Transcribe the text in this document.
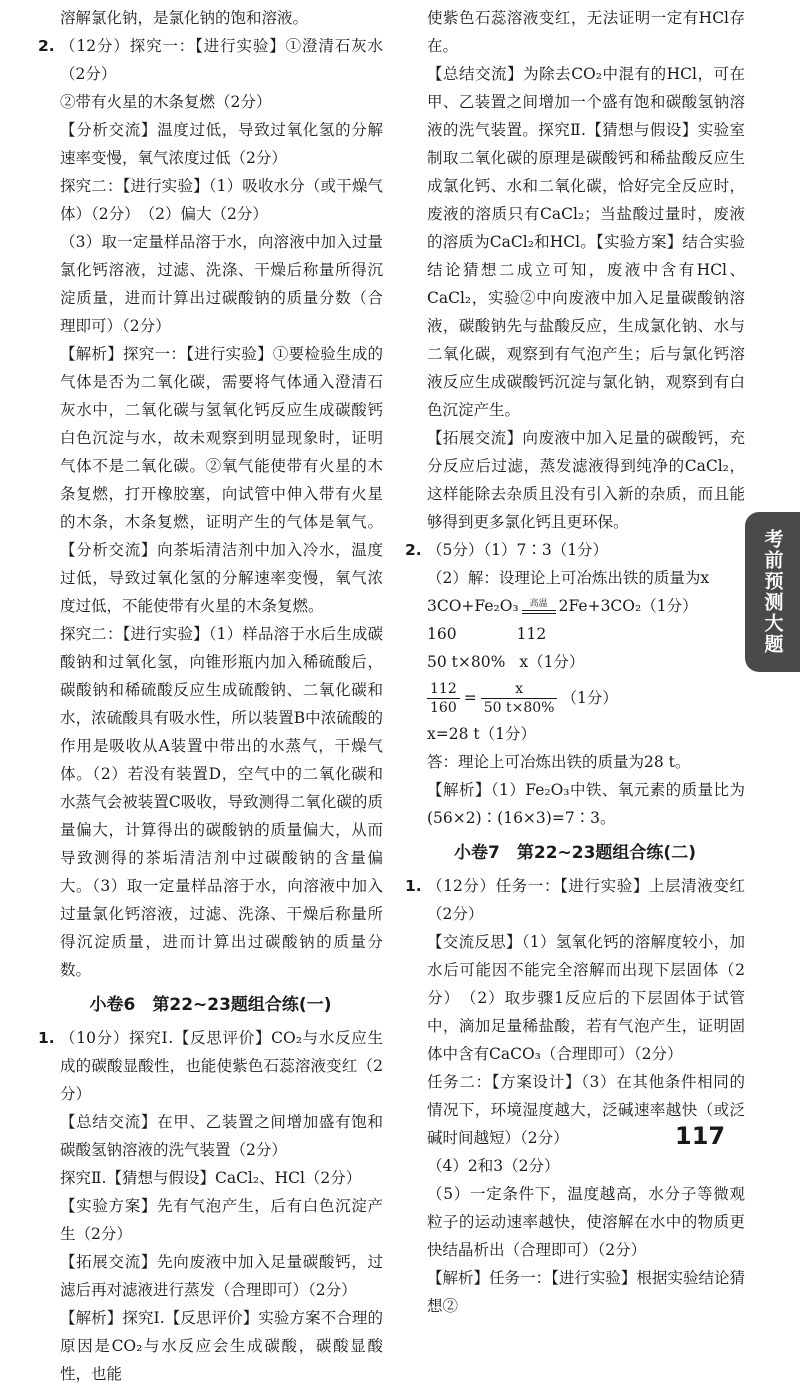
溶解氯化钠，是氯化钠的饱和溶液。

2. （12分）探究一：【进行实验】①澄清石灰水（2分）

②带有火星的木条复燃（2分）

【分析交流】温度过低，导致过氧化氢的分解速率变慢，氧气浓度过低（2分）

探究二：【进行实验】（1）吸收水分（或干燥气体）（2分）　（2）偏大（2分）

（3）取一定量样品溶于水，向溶液中加入过量氯化钙溶液，过滤、洗涤、干燥后称量所得沉淀质量，进而计算出过碳酸钠的质量分数（合理即可）（2分）

【解析】探究一：【进行实验】①要检验生成的气体是否为二氧化碳，需要将气体通入澄清石灰水中，二氧化碳与氢氧化钙反应生成碳酸钙白色沉淀与水，故未观察到明显现象时，证明气体不是二氧化碳。②氧气能使带有火星的木条复燃，打开橡胶塞，向试管中伸入带有火星的木条，木条复燃，证明产生的气体是氧气。【分析交流】向茶垢清洁剂中加入冷水，温度过低，导致过氧化氢的分解速率变慢，氧气浓度过低，不能使带有火星的木条复燃。

探究二：【进行实验】（1）样品溶于水后生成碳酸钠和过氧化氢，向锥形瓶内加入稀硫酸后，碳酸钠和稀硫酸反应生成硫酸钠、二氧化碳和水，浓硫酸具有吸水性，所以装置B中浓硫酸的作用是吸收从A装置中带出的水蒸气，干燥气体。（2）若没有装置D，空气中的二氧化碳和水蒸气会被装置C吸收，导致测得二氧化碳的质量偏大，计算得出的碳酸钠的质量偏大，从而导致测得的茶垢清洁剂中过碳酸钠的含量偏大。（3）取一定量样品溶于水，向溶液中加入过量氯化钙溶液，过滤、洗涤、干燥后称量所得沉淀质量，进而计算出过碳酸钠的质量分数。

小卷6　第22~23题组合练(一)
1. （10分）探究Ⅰ.【反思评价】CO₂与水反应生成的碳酸显酸性，也能使紫色石蕊溶液变红（2分）

【总结交流】在甲、乙装置之间增加盛有饱和碳酸氢钠溶液的洗气装置（2分）

探究Ⅱ.【猜想与假设】CaCl₂、HCl（2分）

【实验方案】先有气泡产生，后有白色沉淀产生（2分）

【拓展交流】先向废液中加入足量碳酸钙，过滤后再对滤液进行蒸发（合理即可）（2分）

【解析】探究Ⅰ.【反思评价】实验方案不合理的原因是CO₂与水反应会生成碳酸，碳酸显酸性，也能

使紫色石蕊溶液变红，无法证明一定有HCl存在。

【总结交流】为除去CO₂中混有的HCl，可在甲、乙装置之间增加一个盛有饱和碳酸氢钠溶液的洗气装置。探究Ⅱ.【猜想与假设】实验室制取二氧化碳的原理是碳酸钙和稀盐酸反应生成氯化钙、水和二氧化碳，恰好完全反应时，废液的溶质只有CaCl₂；当盐酸过量时，废液的溶质为CaCl₂和HCl。【实验方案】结合实验结论猜想二成立可知，废液中含有HCl、CaCl₂，实验②中向废液中加入足量碳酸钠溶液，碳酸钠先与盐酸反应，生成氯化钠、水与二氧化碳，观察到有气泡产生；后与氯化钙溶液反应生成碳酸钙沉淀与氯化钠，观察到有白色沉淀产生。

【拓展交流】向废液中加入足量的碳酸钙，充分反应后过滤，蒸发滤液得到纯净的CaCl₂，这样能除去杂质且没有引入新的杂质，而且能够得到更多氯化钙且更环保。

2. （5分）（1）7∶3（1分）

（2）解：设理论上可冶炼出铁的质量为x

3CO+Fe₂O₃ 高温 2Fe+3CO₂（1分）
160	112
50 t×80% x（1分）
$\frac{112}{160} = \frac{x}{50 t\times 80\%} (1$分）

x=28 t（1分）

答：理论上可冶炼出铁的质量为28 t。

【解析】（1）Fe₂O₃中铁、氧元素的质量比为(56×2)∶(16×3)=7∶3。

小卷7　第22~23题组合练(二)
1. （12分）任务一：【进行实验】上层清液变红（2分）

【交流反思】（1）氢氧化钙的溶解度较小，加水后可能因不能完全溶解而出现下层固体（2分）　（2）取步骤1反应后的下层固体于试管中，滴加足量稀盐酸，若有气泡产生，证明固体中含有CaCO₃（合理即可）（2分）

任务二：【方案设计】（3）在其他条件相同的情况下，环境湿度越大，泛碱速率越快（或泛碱时间越短）（2分）

（4）2和3（2分）

（5）一定条件下，温度越高，水分子等微观粒子的运动速率越快，使溶解在水中的物质更快结晶析出（合理即可）（2分）

【解析】任务一：【进行实验】根据实验结论猜想②

考前预测大题
117
